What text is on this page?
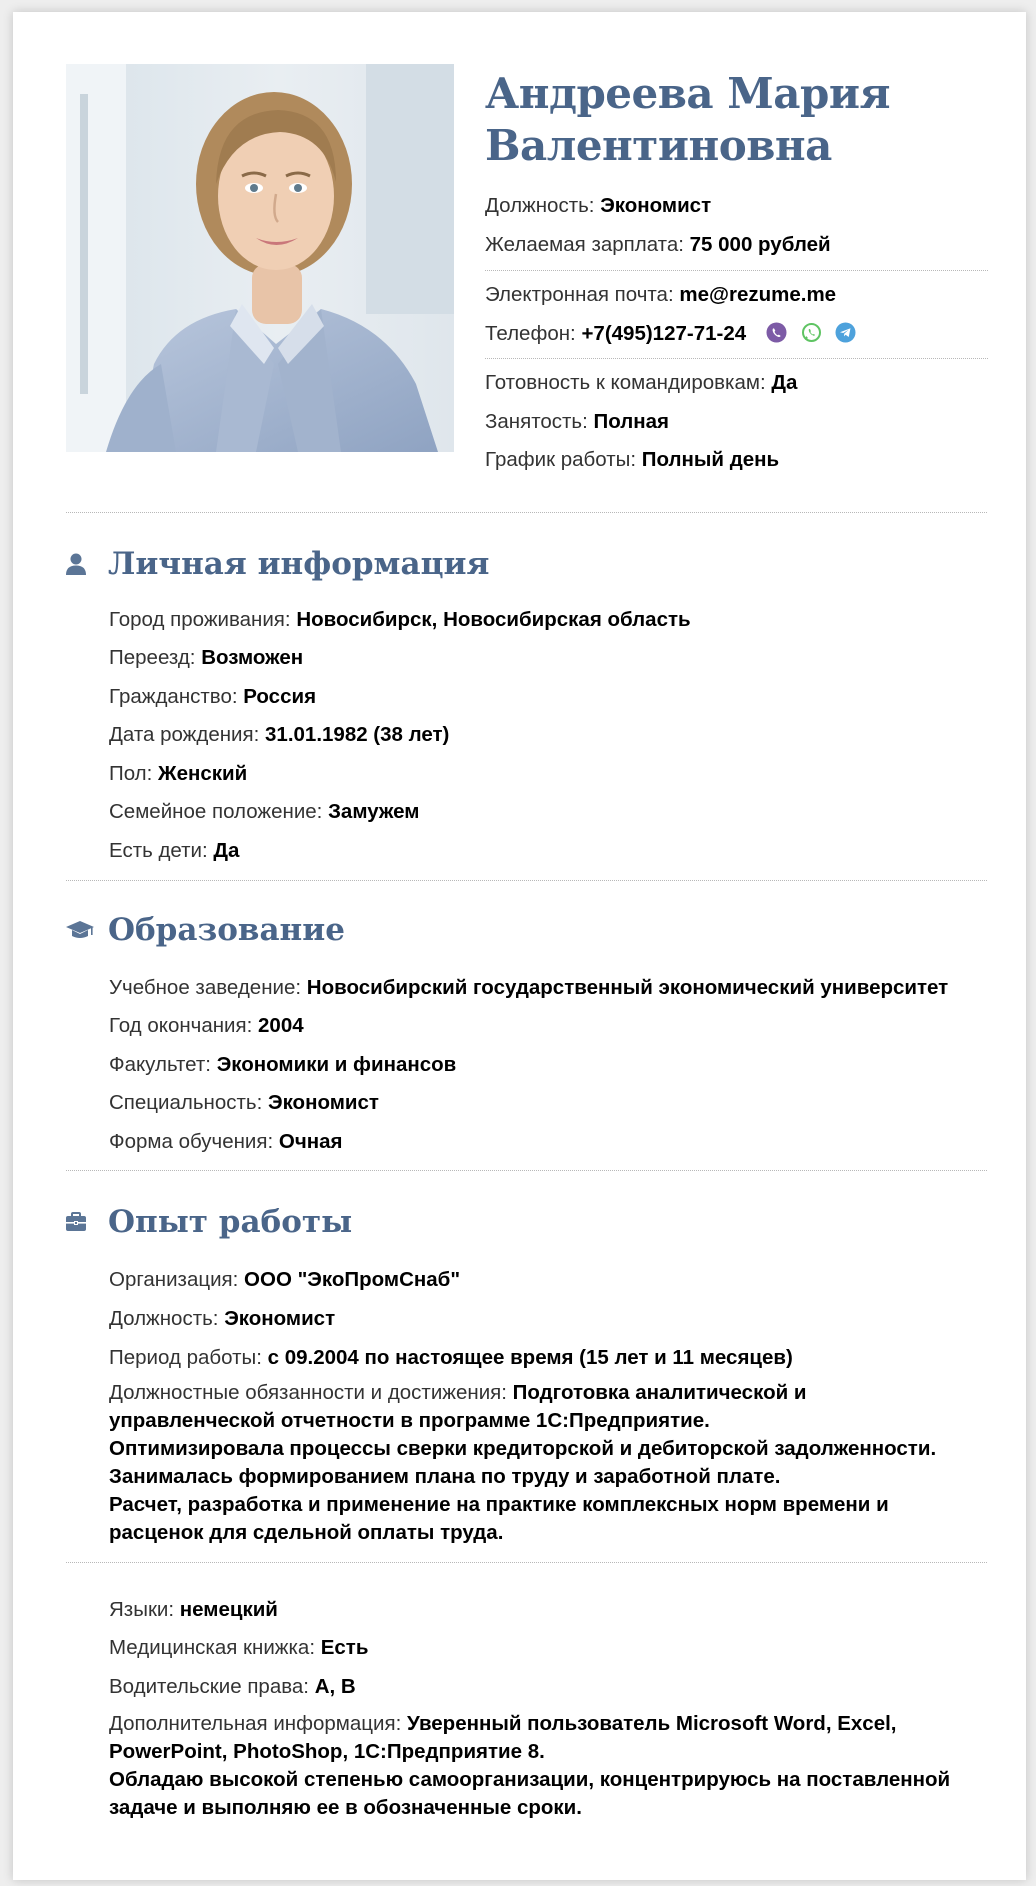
Андреева Мария
Валентиновна
Должность: Экономист
Желаемая зарплата: 75 000 рублей
Электронная почта: me@rezume.me
Телефон: +7(495)127-71-24
Готовность к командировкам: Да
Занятость: Полная
График работы: Полный день
Личная информация
Город проживания: Новосибирск, Новосибирская область
Переезд: Возможен
Гражданство: Россия
Дата рождения: 31.01.1982 (38 лет)
Пол: Женский
Семейное положение: Замужем
Есть дети: Да
Образование
Учебное заведение: Новосибирский государственный экономический университет
Год окончания: 2004
Факультет: Экономики и финансов
Специальность: Экономист
Форма обучения: Очная
Опыт работы
Организация: ООО "ЭкоПромСнаб"
Должность: Экономист
Период работы: с 09.2004 по настоящее время (15 лет и 11 месяцев)
Должностные обязанности и достижения: Подготовка аналитической и управленческой отчетности в программе 1С:Предприятие.
Оптимизировала процессы сверки кредиторской и дебиторской задолженности.
Занималась формированием плана по труду и заработной плате.
Расчет, разработка и применение на практике комплексных норм времени и расценок для сдельной оплаты труда.
Языки: немецкий
Медицинская книжка: Есть
Водительские права: A, B
Дополнительная информация: Уверенный пользователь Microsoft Word, Excel, PowerPoint, PhotoShop, 1С:Предприятие 8.
Обладаю высокой степенью самоорганизации, концентрируюсь на поставленной задаче и выполняю ее в обозначенные сроки.
